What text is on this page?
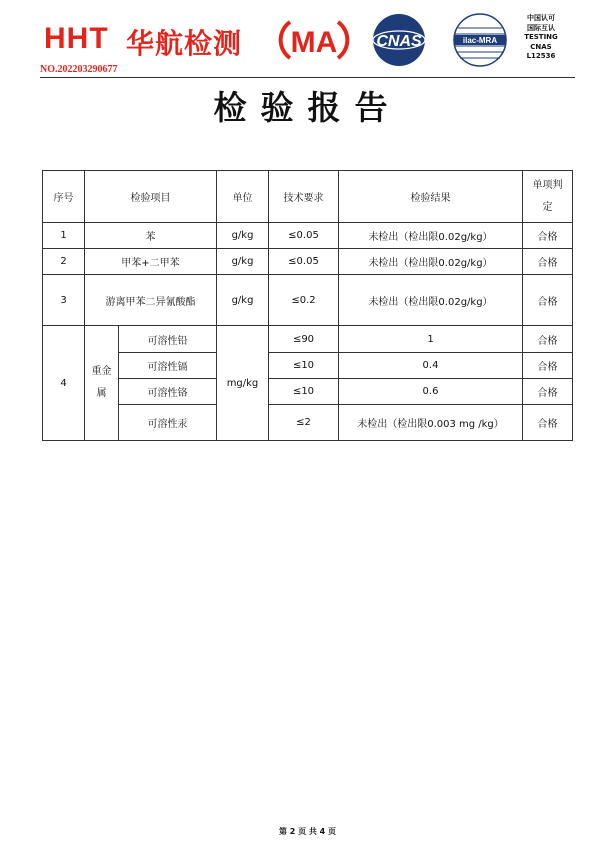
HHT 华航检测 MA CNAS	ilac-MRA
中国认可
国际互认
TESTING
CNAS
L12536
NO.202203290677
检验报告
序号	检验项目		单位	技术要求	检验结果	单项判
定

1	苯		g/kg	≤0.05	未检出（检出限0.02g/kg）	合格
2	甲苯+二甲苯		g/kg	≤0.05	未检出（检出限0.02g/kg）	合格
3	游离甲苯二异氰酸酯		g/kg	≤0.2	未检出（检出限0.02g/kg）	合格
4	重金
属	可溶性铅	mg/kg	≤90	1	合格
		可溶性镉		≤10	0.4	合格
		可溶性铬		≤10	0.6	合格
		可溶性汞		≤2	未检出（检出限0.003 mg /kg）	合格
第 2 页 共 4 页
